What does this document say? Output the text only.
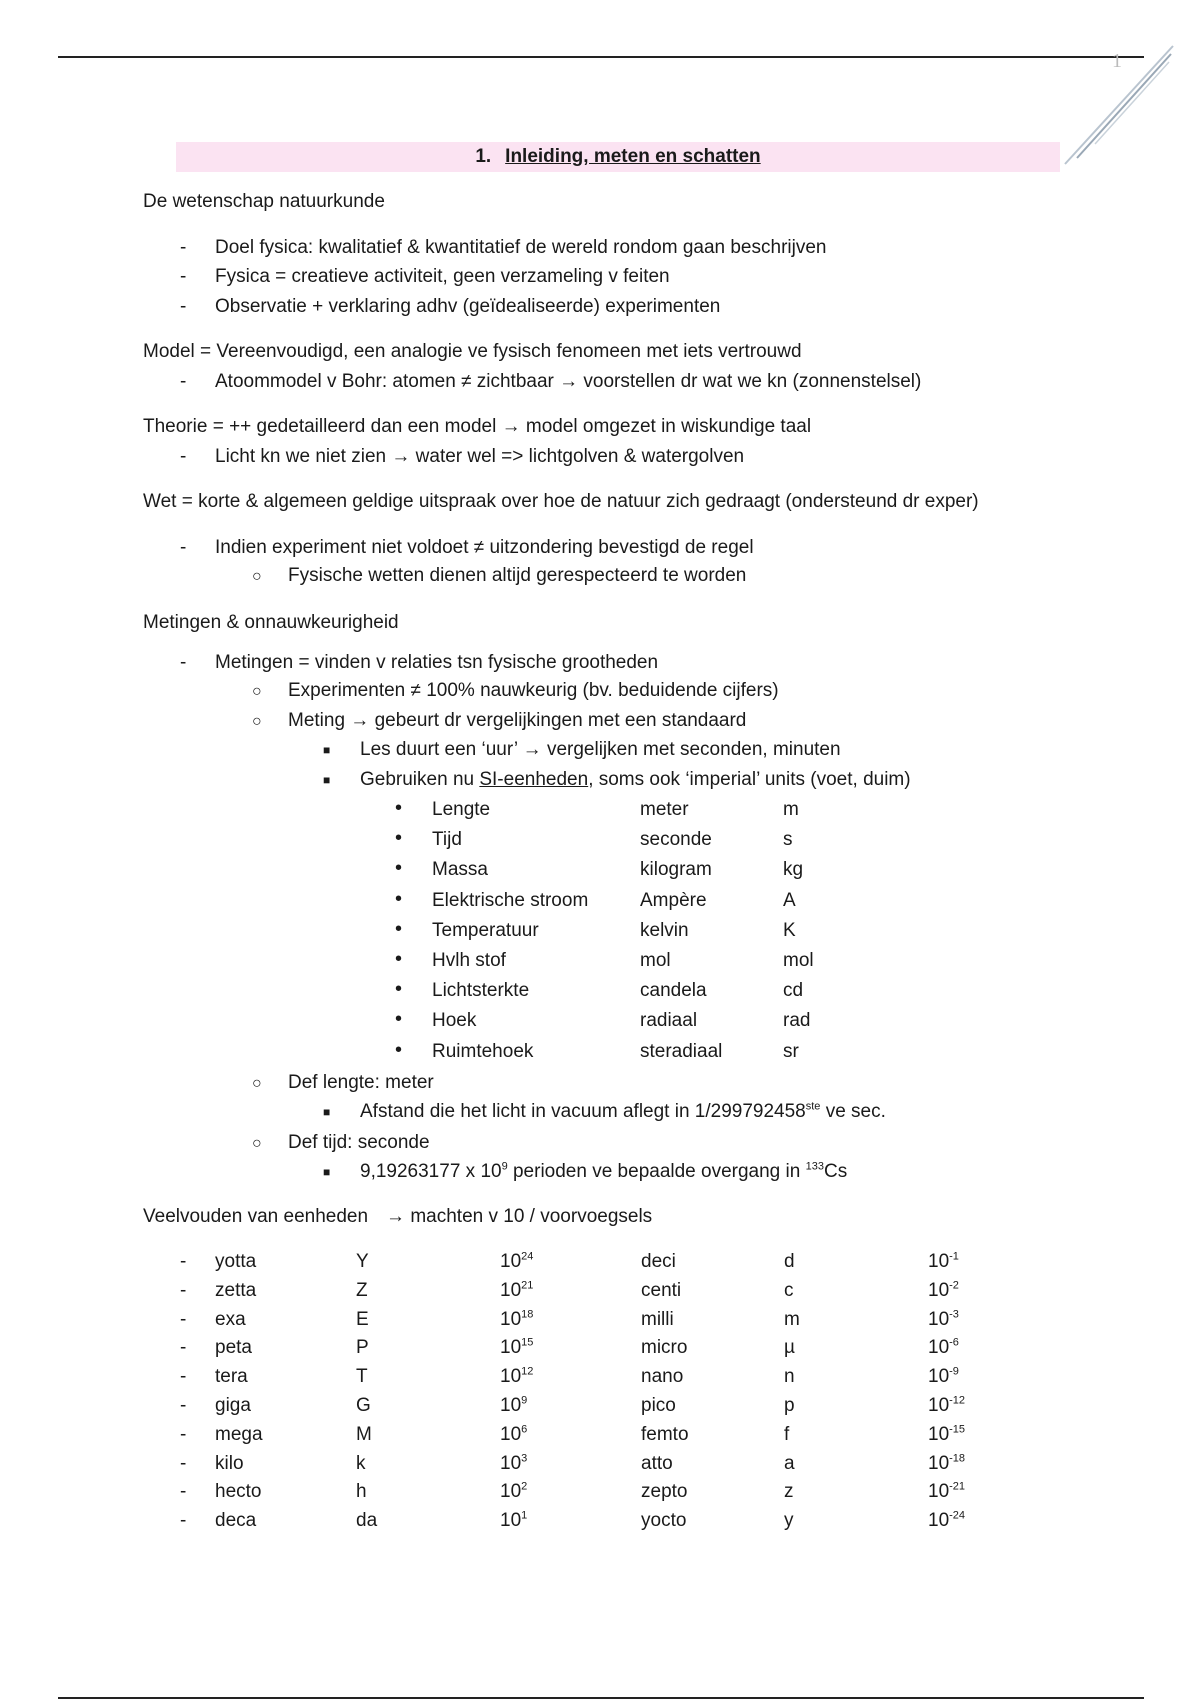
1
1. Inleiding, meten en schatten
De wetenschap natuurkunde
- Doel fysica: kwalitatief & kwantitatief de wereld rondom gaan beschrijven
- Fysica = creatieve activiteit, geen verzameling v feiten
- Observatie + verklaring adhv (geïdealiseerde) experimenten
Model = Vereenvoudigd, een analogie ve fysisch fenomeen met iets vertrouwd
- Atoommodel v Bohr: atomen ≠ zichtbaar → voorstellen dr wat we kn (zonnenstelsel)
Theorie = ++ gedetailleerd dan een model → model omgezet in wiskundige taal
- Licht kn we niet zien → water wel => lichtgolven & watergolven
Wet = korte & algemeen geldige uitspraak over hoe de natuur zich gedraagt (ondersteund dr exper)
- Indien experiment niet voldoet ≠ uitzondering bevestigd de regel
○ Fysische wetten dienen altijd gerespecteerd te worden
Metingen & onnauwkeurigheid
- Metingen = vinden v relaties tsn fysische grootheden
○ Experimenten ≠ 100% nauwkeurig (bv. beduidende cijfers)
○ Meting → gebeurt dr vergelijkingen met een standaard
■ Les duurt een ‘uur’ → vergelijken met seconden, minuten
■ Gebruiken nu SI-eenheden, soms ook ‘imperial’ units (voet, duim)
• Lengte	meter	m
• Tijd	seconde	s
• Massa	kilogram	kg
• Elektrische stroom	Ampère	A
• Temperatuur	kelvin	K
• Hvlh stof	mol	mol
• Lichtsterkte	candela	cd
• Hoek	radiaal	rad
• Ruimtehoek	steradiaal	sr
○ Def lengte: meter
■ Afstand die het licht in vacuum aflegt in 1/299792458ste ve sec.
○ Def tijd: seconde
■ 9,19263177 x $10^9$ perioden ve bepaalde overgang in $^{133}$Cs
Veelvouden van eenheden → machten v 10 / voorvoegsels
- yotta	Y	$10^{24}$	deci	d	$10^{-1}$
- zetta	Z	$10^{21}$	centi	c	$10^{-2}$
- exa	E	$10^{18}$	milli	m	$10^{-3}$
- peta	P	$10^{15}$	micro	µ	$10^{-6}$
- tera	T	$10^{12}$	nano	n	$10^{-9}$
- giga	G	$10^9$	pico	p	$10^{-12}$
- mega	M	$10^6$	femto	f	$10^{-15}$
- kilo	k	$10^3$	atto	a	$10^{-18}$
- hecto	h	$10^2$	zepto	z	$10^{-21}$
- deca	da	$10^1$	yocto	y	$10^{-24}$
